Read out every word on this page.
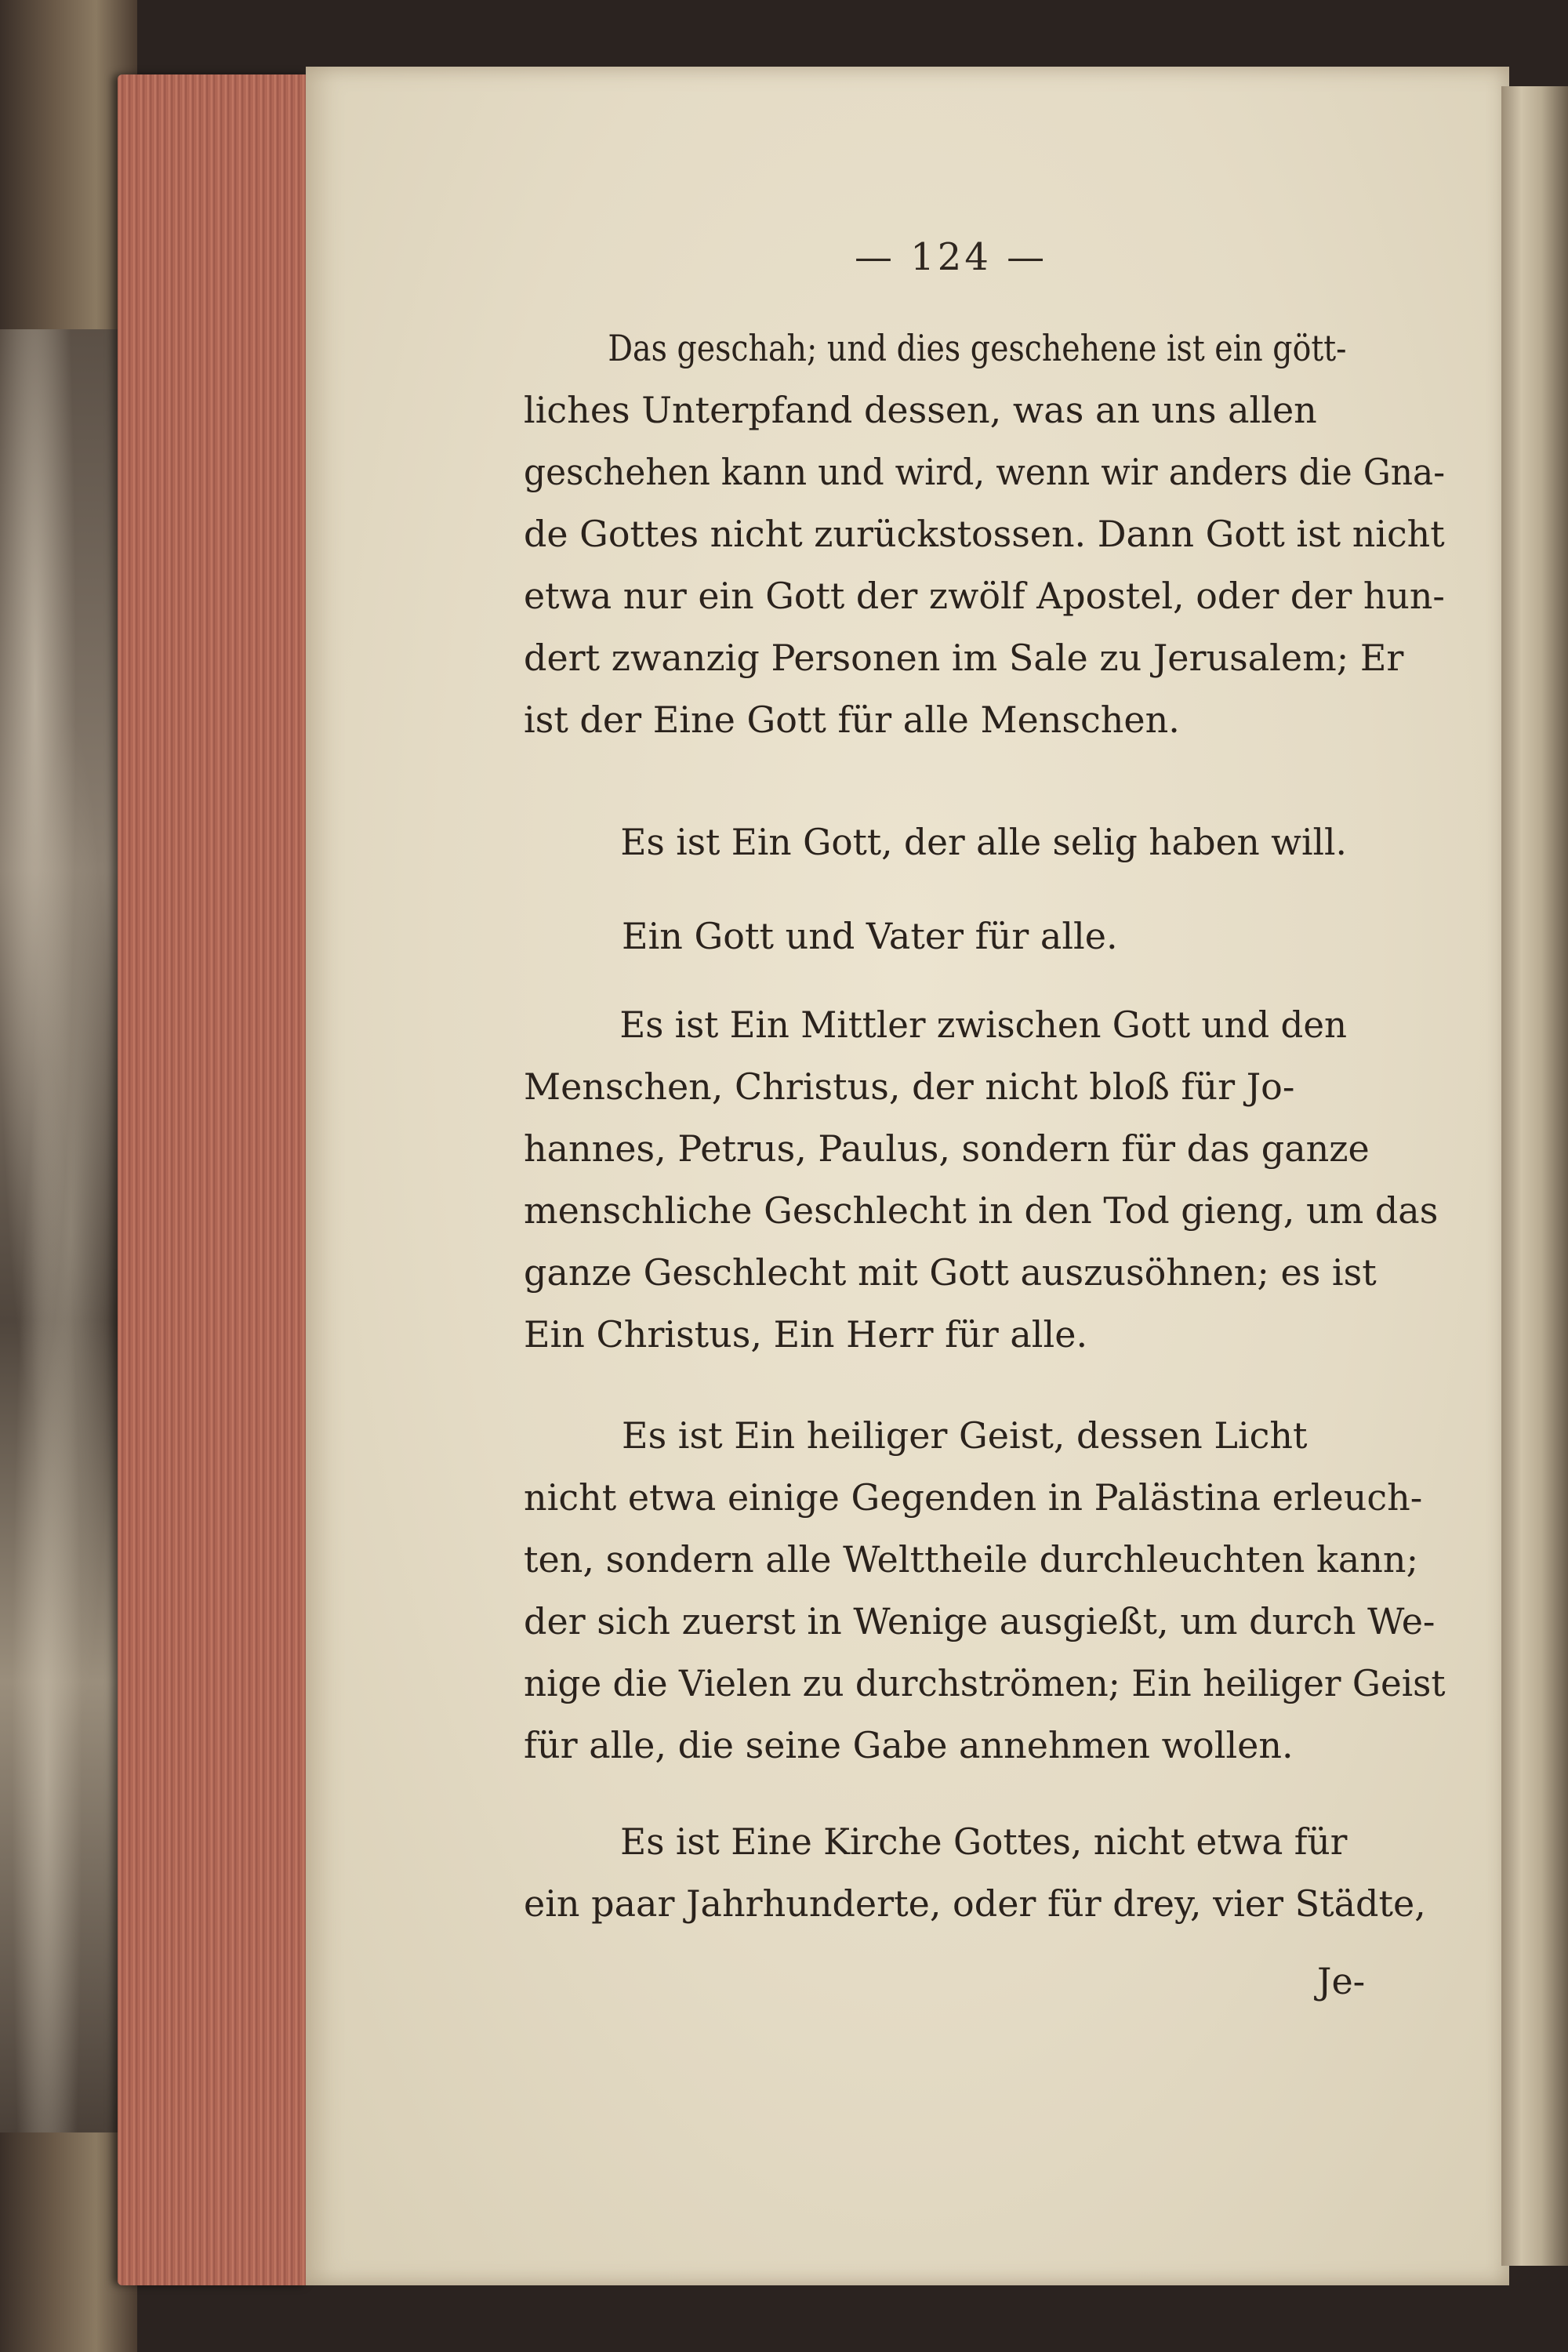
— 124 —
Das geschah; und dies geschehene ist ein gött-
liches Unterpfand dessen, was an uns allen
geschehen kann und wird, wenn wir anders die Gna-
de Gottes nicht zurückstossen. Dann Gott ist nicht
etwa nur ein Gott der zwölf Apostel, oder der hun-
dert zwanzig Personen im Sale zu Jerusalem; Er
ist der Eine Gott für alle Menschen.
Es ist Ein Gott, der alle selig haben will.
Ein Gott und Vater für alle.
Es ist Ein Mittler zwischen Gott und den
Menschen, Christus, der nicht bloß für Jo-
hannes, Petrus, Paulus, sondern für das ganze
menschliche Geschlecht in den Tod gieng, um das
ganze Geschlecht mit Gott auszusöhnen; es ist
Ein Christus, Ein Herr für alle.
Es ist Ein heiliger Geist, dessen Licht
nicht etwa einige Gegenden in Palästina erleuch-
ten, sondern alle Welttheile durchleuchten kann;
der sich zuerst in Wenige ausgießt, um durch We-
nige die Vielen zu durchströmen; Ein heiliger Geist
für alle, die seine Gabe annehmen wollen.
Es ist Eine Kirche Gottes, nicht etwa für
ein paar Jahrhunderte, oder für drey, vier Städte,
Je-
